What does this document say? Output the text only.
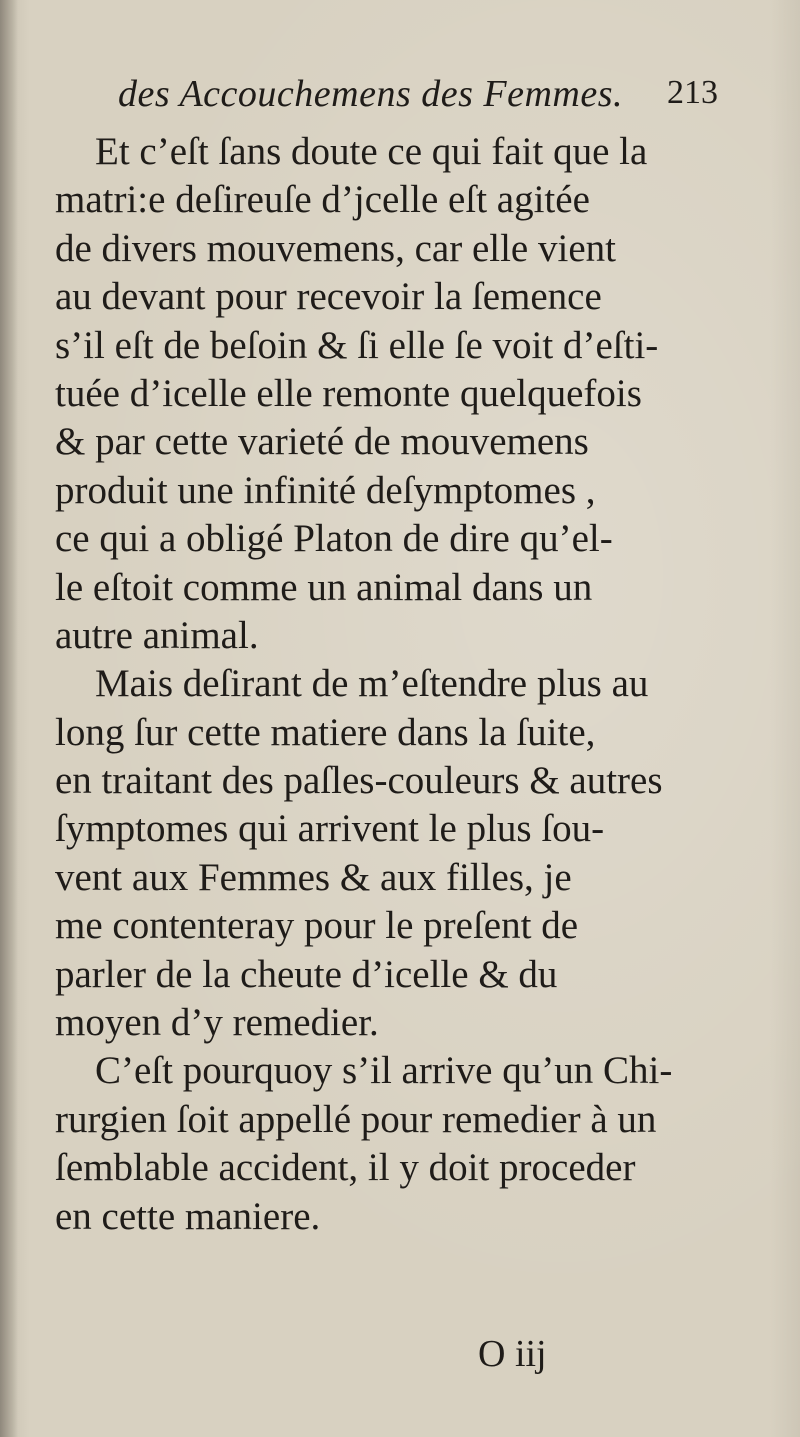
des Accouchemens des Femmes. 213
Et c’eſt ſans doute ce qui fait que la
matri:e deſireuſe d’jcelle eſt agitée
de divers mouvemens, car elle vient
au devant pour recevoir la ſemence
s’il eſt de beſoin & ſi elle ſe voit d’eſti-
tuée d’icelle elle remonte quelquefois
& par cette varieté de mouvemens
produit une infinité deſymptomes ,
ce qui a obligé Platon de dire qu’el-
le eſtoit comme un animal dans un
autre animal.
Mais deſirant de m’eſtendre plus au
long ſur cette matiere dans la ſuite,
en traitant des paſles-couleurs & autres
ſymptomes qui arrivent le plus ſou-
vent aux Femmes & aux filles, je
me contenteray pour le preſent de
parler de la cheute d’icelle & du
moyen d’y remedier.
C’eſt pourquoy s’il arrive qu’un Chi-
rurgien ſoit appellé pour remedier à un
ſemblable accident, il y doit proceder
en cette maniere.
O iij
